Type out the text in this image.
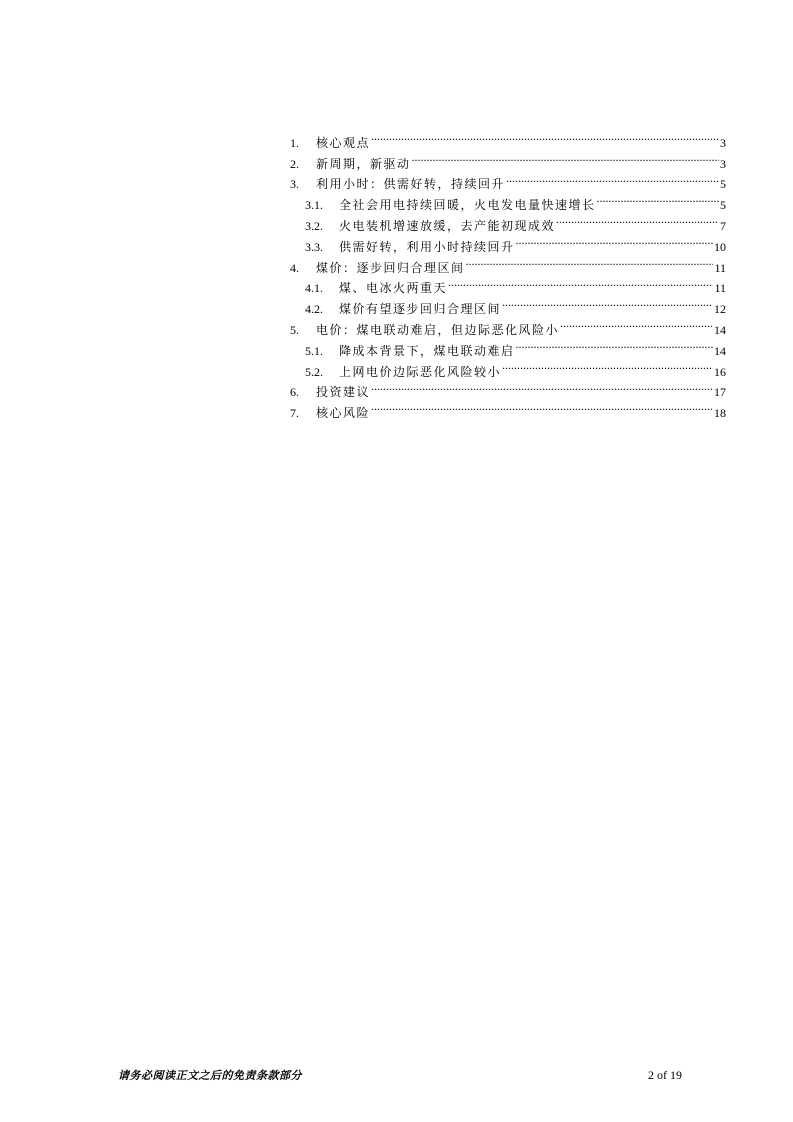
1.	核心观点 .....	3
2.	新周期，新驱动 .....	3
3.	利用小时：供需好转，持续回升 .....	5
3.1.	全社会用电持续回暖，火电发电量快速增长 .....	5
3.2.	火电装机增速放缓，去产能初现成效 .....	7
3.3.	供需好转，利用小时持续回升 .....	10
4.	煤价：逐步回归合理区间 .....	11
4.1.	煤、电冰火两重天 .....	11
4.2.	煤价有望逐步回归合理区间 .....	12
5.	电价：煤电联动难启，但边际恶化风险小 .....	14
5.1.	降成本背景下，煤电联动难启 .....	14
5.2.	上网电价边际恶化风险较小 .....	16
6.	投资建议 .....	17
7.	核心风险 .....	18
请务必阅读正文之后的免责条款部分	2 of 19
